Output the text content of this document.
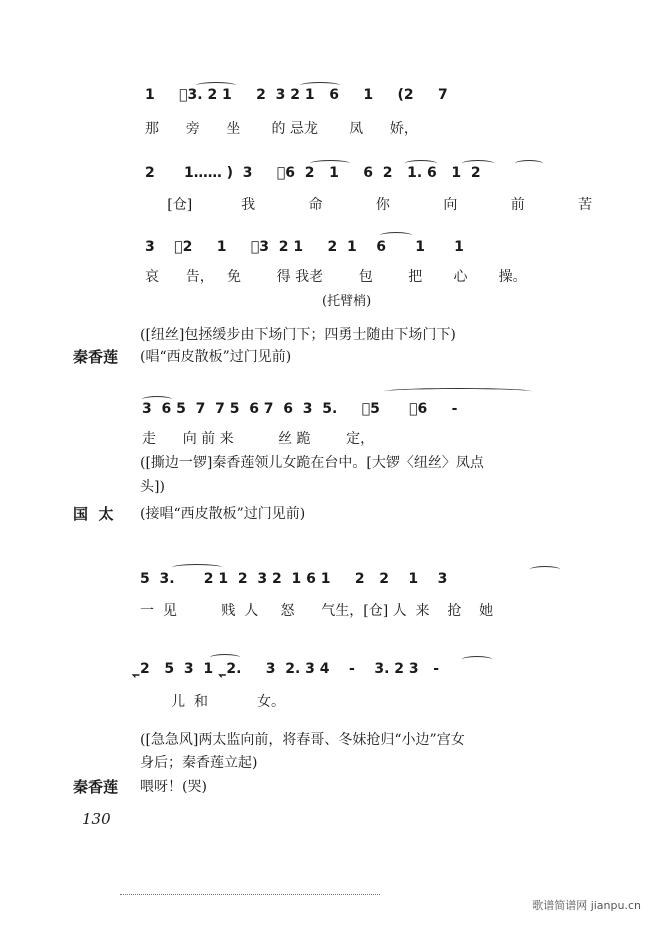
1     ⃬3. 2 1     2  3 2 1   6     1     (2     7
那      旁      坐       的 忌龙       凤      娇，
2      1…… )  3     ⃬6  2   1     6  2   1. 6   1  2
[仓]           我            命            你            向            前            苦
3    ⃬2     1     ⃬3  2 1     2  1    6      1      1
哀      告，   免        得 我老        包        把       心       操。
(托臂梢)
([纽丝]包拯缓步由下场门下；四勇士随由下场门下)
秦香莲 (唱“西皮散板”过门见前)
3  6 5  7  7 5  6 7  6  3  5.     ⃬5      ⃬6     -
走      向 前 来          丝 跪        定，
([撕边一锣]秦香莲领儿女跪在台中。[大锣〈纽丝〉凤点
头])
国  太 (接唱“西皮散板”过门见前)
5  3.      2 1  2  3 2  1 6 1     2   2    1    3
一  见          贱  人     怒      气生，[仓] 人  来    抢    她
⃬2   5  3  1   ⃬2.     3  2. 3 4    -    3. 2 3   -
儿  和           女。
([急急风]两太监向前，将春哥、冬妹抢归“小边”宫女
身后；秦香莲立起)
秦香莲 喂呀！(哭)
130
歌谱简谱网 jianpu.cn
